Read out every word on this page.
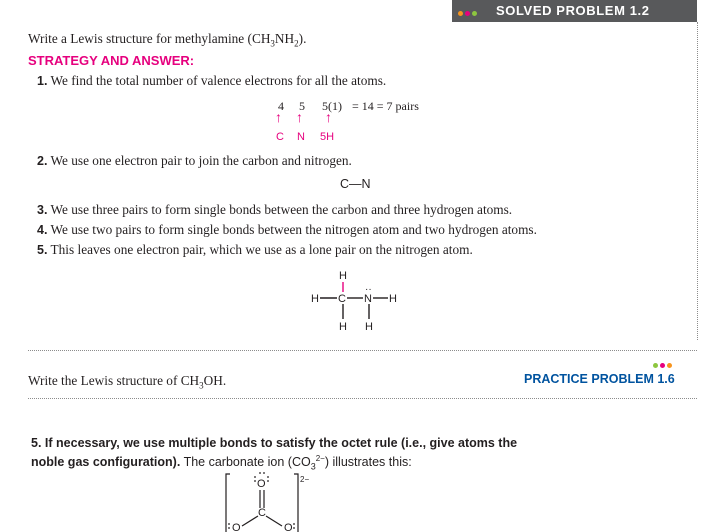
SOLVED PROBLEM 1.2
Write a Lewis structure for methylamine $(CH_3NH_2)$.
STRATEGY AND ANSWER:
1. We find the total number of valence electrons for all the atoms.
4 5 5(1) = 14 = 7 pairs
↑ ↑ ↑
C N 5H
2. We use one electron pair to join the carbon and nitrogen.
C—N
3. We use three pairs to form single bonds between the carbon and three hydrogen atoms.
4. We use two pairs to form single bonds between the nitrogen atom and two hydrogen atoms.
5. This leaves one electron pair, which we use as a lone pair on the nitrogen atom.
H
H C N H
H H
··
Write the Lewis structure of $CH_3OH$.	PRACTICE PROBLEM 1.6
5. If necessary, we use multiple bonds to satisfy the octet rule (i.e., give atoms the noble gas configuration). The carbonate ion $(CO_3^{2-})$ illustrates this:
O
C
O	O
2−
